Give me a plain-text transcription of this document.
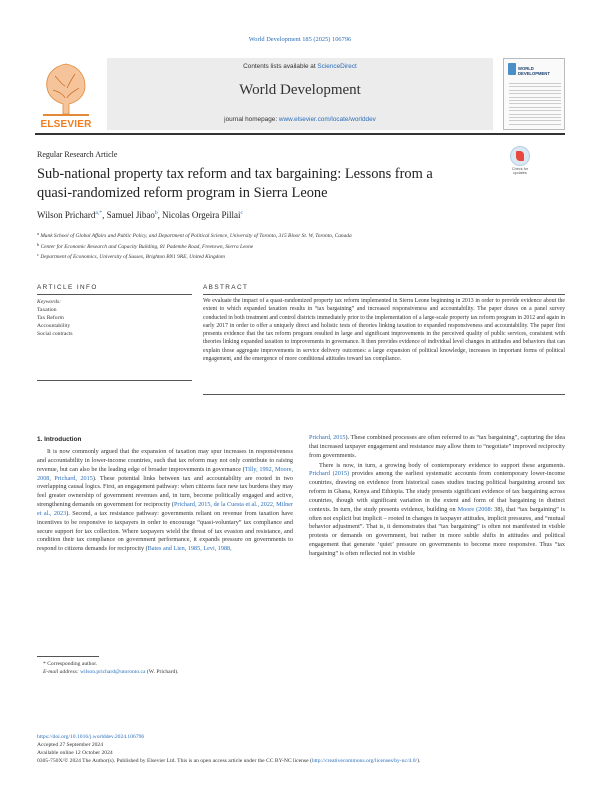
World Development 185 (2025) 106796
ELSEVIER
Contents lists available at ScienceDirect
World Development
journal homepage: www.elsevier.com/locate/worlddev
WORLD DEVELOPMENT
Regular Research Article
Check for updates
Sub-national property tax reform and tax bargaining: Lessons from a
quasi-randomized reform program in Sierra Leone
Wilson Prichard$^{a,*}$, Samuel Jibao$^b$, Nicolas Orgeira Pillai$^c$
$^a$ Munk School of Global Affairs and Public Policy, and Department of Political Science, University of Toronto, 315 Bloor St. W, Toronto, Canada
$^b$ Center for Economic Research and Capacity Building, 81 Padembe Road, Freetown, Sierra Leone
$^c$ Department of Economics, University of Sussex, Brighton BN1 9RE, United Kingdom
ARTICLE INFO	ABSTRACT
Keywords:
Taxation
Tax Reform
Accountability
Social contracts
We evaluate the impact of a quasi-randomized property tax reform implemented in Sierra Leone beginning in 2013 in order to provide evidence about the extent to which expanded taxation results in “tax bargaining” and increased responsiveness and accountability. The paper draws on a panel survey conducted in both treatment and control districts immediately prior to the implementation of a large-scale property tax reform program in 2012 and again in early 2017 in order to offer a uniquely direct and holistic tests of theories linking taxation to expanded responsiveness and accountability. The paper first presents evidence that the tax reform program resulted in large and significant improvements in the perceived quality of public services, consistent with theories linking expanded taxation to improvements in governance. It then provides evidence of individual level changes in attitudes and behaviors that can explain those aggregate improvements in service delivery outcomes: a large expansion of political knowledge, increases in important forms of political engagement, and the emergence of more conditional attitudes toward tax compliance.
1. Introduction

It is now commonly argued that the expansion of taxation may spur increases in responsiveness and accountability in lower-income countries, such that tax reform may not only contribute to raising revenue, but can also be the leading edge of broader improvements in governance (Tilly, 1992, Moore, 2008, Prichard, 2015). These potential links between tax and accountability are rooted in two overlapping causal logics. First, an engagement pathway: when citizens face new tax burdens they may feel greater ownership of government revenues and, in turn, become politically engaged and active, strengthening demands on government for reciprocity (Prichard, 2015, de la Cuesta et al., 2022, Milner et al., 2023). Second, a tax resistance pathway: governments reliant on revenue from taxation have incentives to be responsive to taxpayers in order to encourage “quasi-voluntary” tax compliance and secure support for tax collection. Where taxpayers wield the threat of tax evasion and resistance, and condition their tax compliance on government performance, it expands pressure on governments to respond to citizens demands for reciprocity (Bates and Lien, 1985, Levi, 1988,

Prichard, 2015). These combined processes are often referred to as “tax bargaining”, capturing the idea that increased taxpayer engagement and resistance may allow them to “negotiate” improved reciprocity from governments.

There is now, in turn, a growing body of contemporary evidence to support these arguments. Prichard (2015) provides among the earliest systematic accounts from contemporary lower-income countries, drawing on evidence from historical cases studies tracing political bargaining around tax reform in Ghana, Kenya and Ethiopia. The study presents significant evidence of tax bargaining across countries, though with significant variation in the extent and form of that bargaining in distinct contexts. In turn, the study presents evidence, building on Moore (2008: 38), that “tax bargaining” is often not explicit but implicit – rooted in changes in taxpayer attitudes, implicit pressures, and “mutual behavior adjustment”. That is, it demonstrates that “tax bargaining” is often not manifested in visible protests or demands on government, but rather in more subtle shifts in attitudes and political engagement that generate ‘quiet’ pressure on governments to become more responsive. Thus “tax bargaining” is often reflected not in visible

* Corresponding author.
E-mail address: wilson.prichard@utoronto.ca (W. Prichard).
https://doi.org/10.1016/j.worlddev.2024.106796
Accepted 27 September 2024
Available online 12 October 2024
0305-750X/© 2024 The Author(s). Published by Elsevier Ltd. This is an open access article under the CC BY-NC license (http://creativecommons.org/licenses/by-nc/4.0/).
